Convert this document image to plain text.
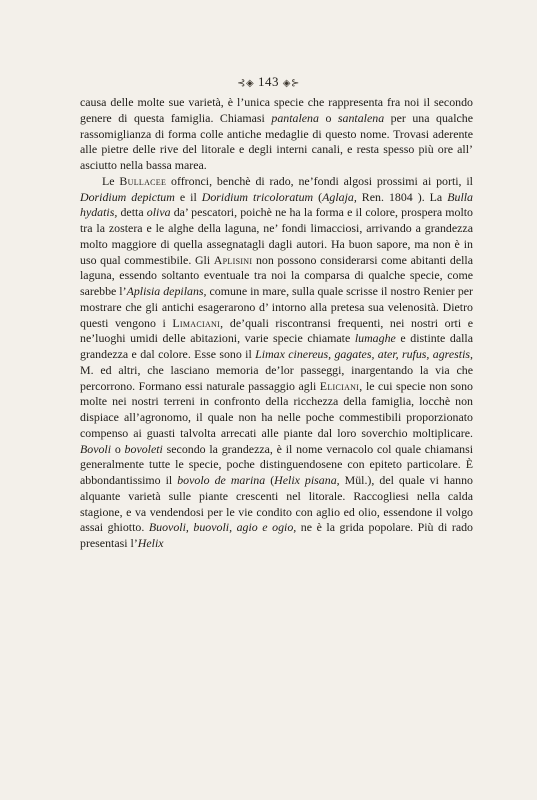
⊰◈ 143 ◈⊱

causa delle molte sue varietà, è l’unica specie che rappresenta fra noi il secondo genere di questa famiglia. Chiamasi pantalena o santalena per una qualche rassomiglianza di forma colle antiche medaglie di questo nome. Trovasi aderente alle pietre delle rive del litorale e degli interni canali, e resta spesso più ore all’ asciutto nella bassa marea.

Le Bullacee offronci, benchè di rado, ne’fondi algosi prossimi ai porti, il Doridium depictum e il Doridium tricoloratum (Aglaja, Ren. 1804 ). La Bulla hydatis, detta oliva da’ pescatori, poichè ne ha la forma e il colore, prospera molto tra la zostera e le alghe della laguna, ne’ fondi limacciosi, arrivando a grandezza molto maggiore di quella assegnatagli dagli autori. Ha buon sapore, ma non è in uso qual commestibile. Gli Aplisini non possono considerarsi come abitanti della laguna, essendo soltanto eventuale tra noi la comparsa di qualche specie, come sarebbe l’Aplisia depilans, comune in mare, sulla quale scrisse il nostro Renier per mostrare che gli antichi esagerarono d’ intorno alla pretesa sua velenosità. Dietro questi vengono i Limaciani, de’quali riscontransi frequenti, nei nostri orti e ne’luoghi umidi delle abitazioni, varie specie chiamate lumaghe e distinte dalla grandezza e dal colore. Esse sono il Limax cinereus, gagates, ater, rufus, agrestis, M. ed altri, che lasciano memoria de’lor passeggi, inargentando la via che percorrono. Formano essi naturale passaggio agli Eliciani, le cui specie non sono molte nei nostri terreni in confronto della ricchezza della famiglia, locchè non dispiace all’agronomo, il quale non ha nelle poche commestibili proporzionato compenso ai guasti talvolta arrecati alle piante dal loro soverchio moltiplicare. Bovoli o bovoleti secondo la grandezza, è il nome vernacolo col quale chiamansi generalmente tutte le specie, poche distinguendosene con epiteto particolare. È abbondantissimo il bovolo de marina (Helix pisana, Mül.), del quale vi hanno alquante varietà sulle piante crescenti nel litorale. Raccogliesi nella calda stagione, e va vendendosi per le vie condito con aglio ed olio, essendone il volgo assai ghiotto. Buovoli, buovoli, agio e ogio, ne è la grida popolare. Più di rado presentasi l’Helix
